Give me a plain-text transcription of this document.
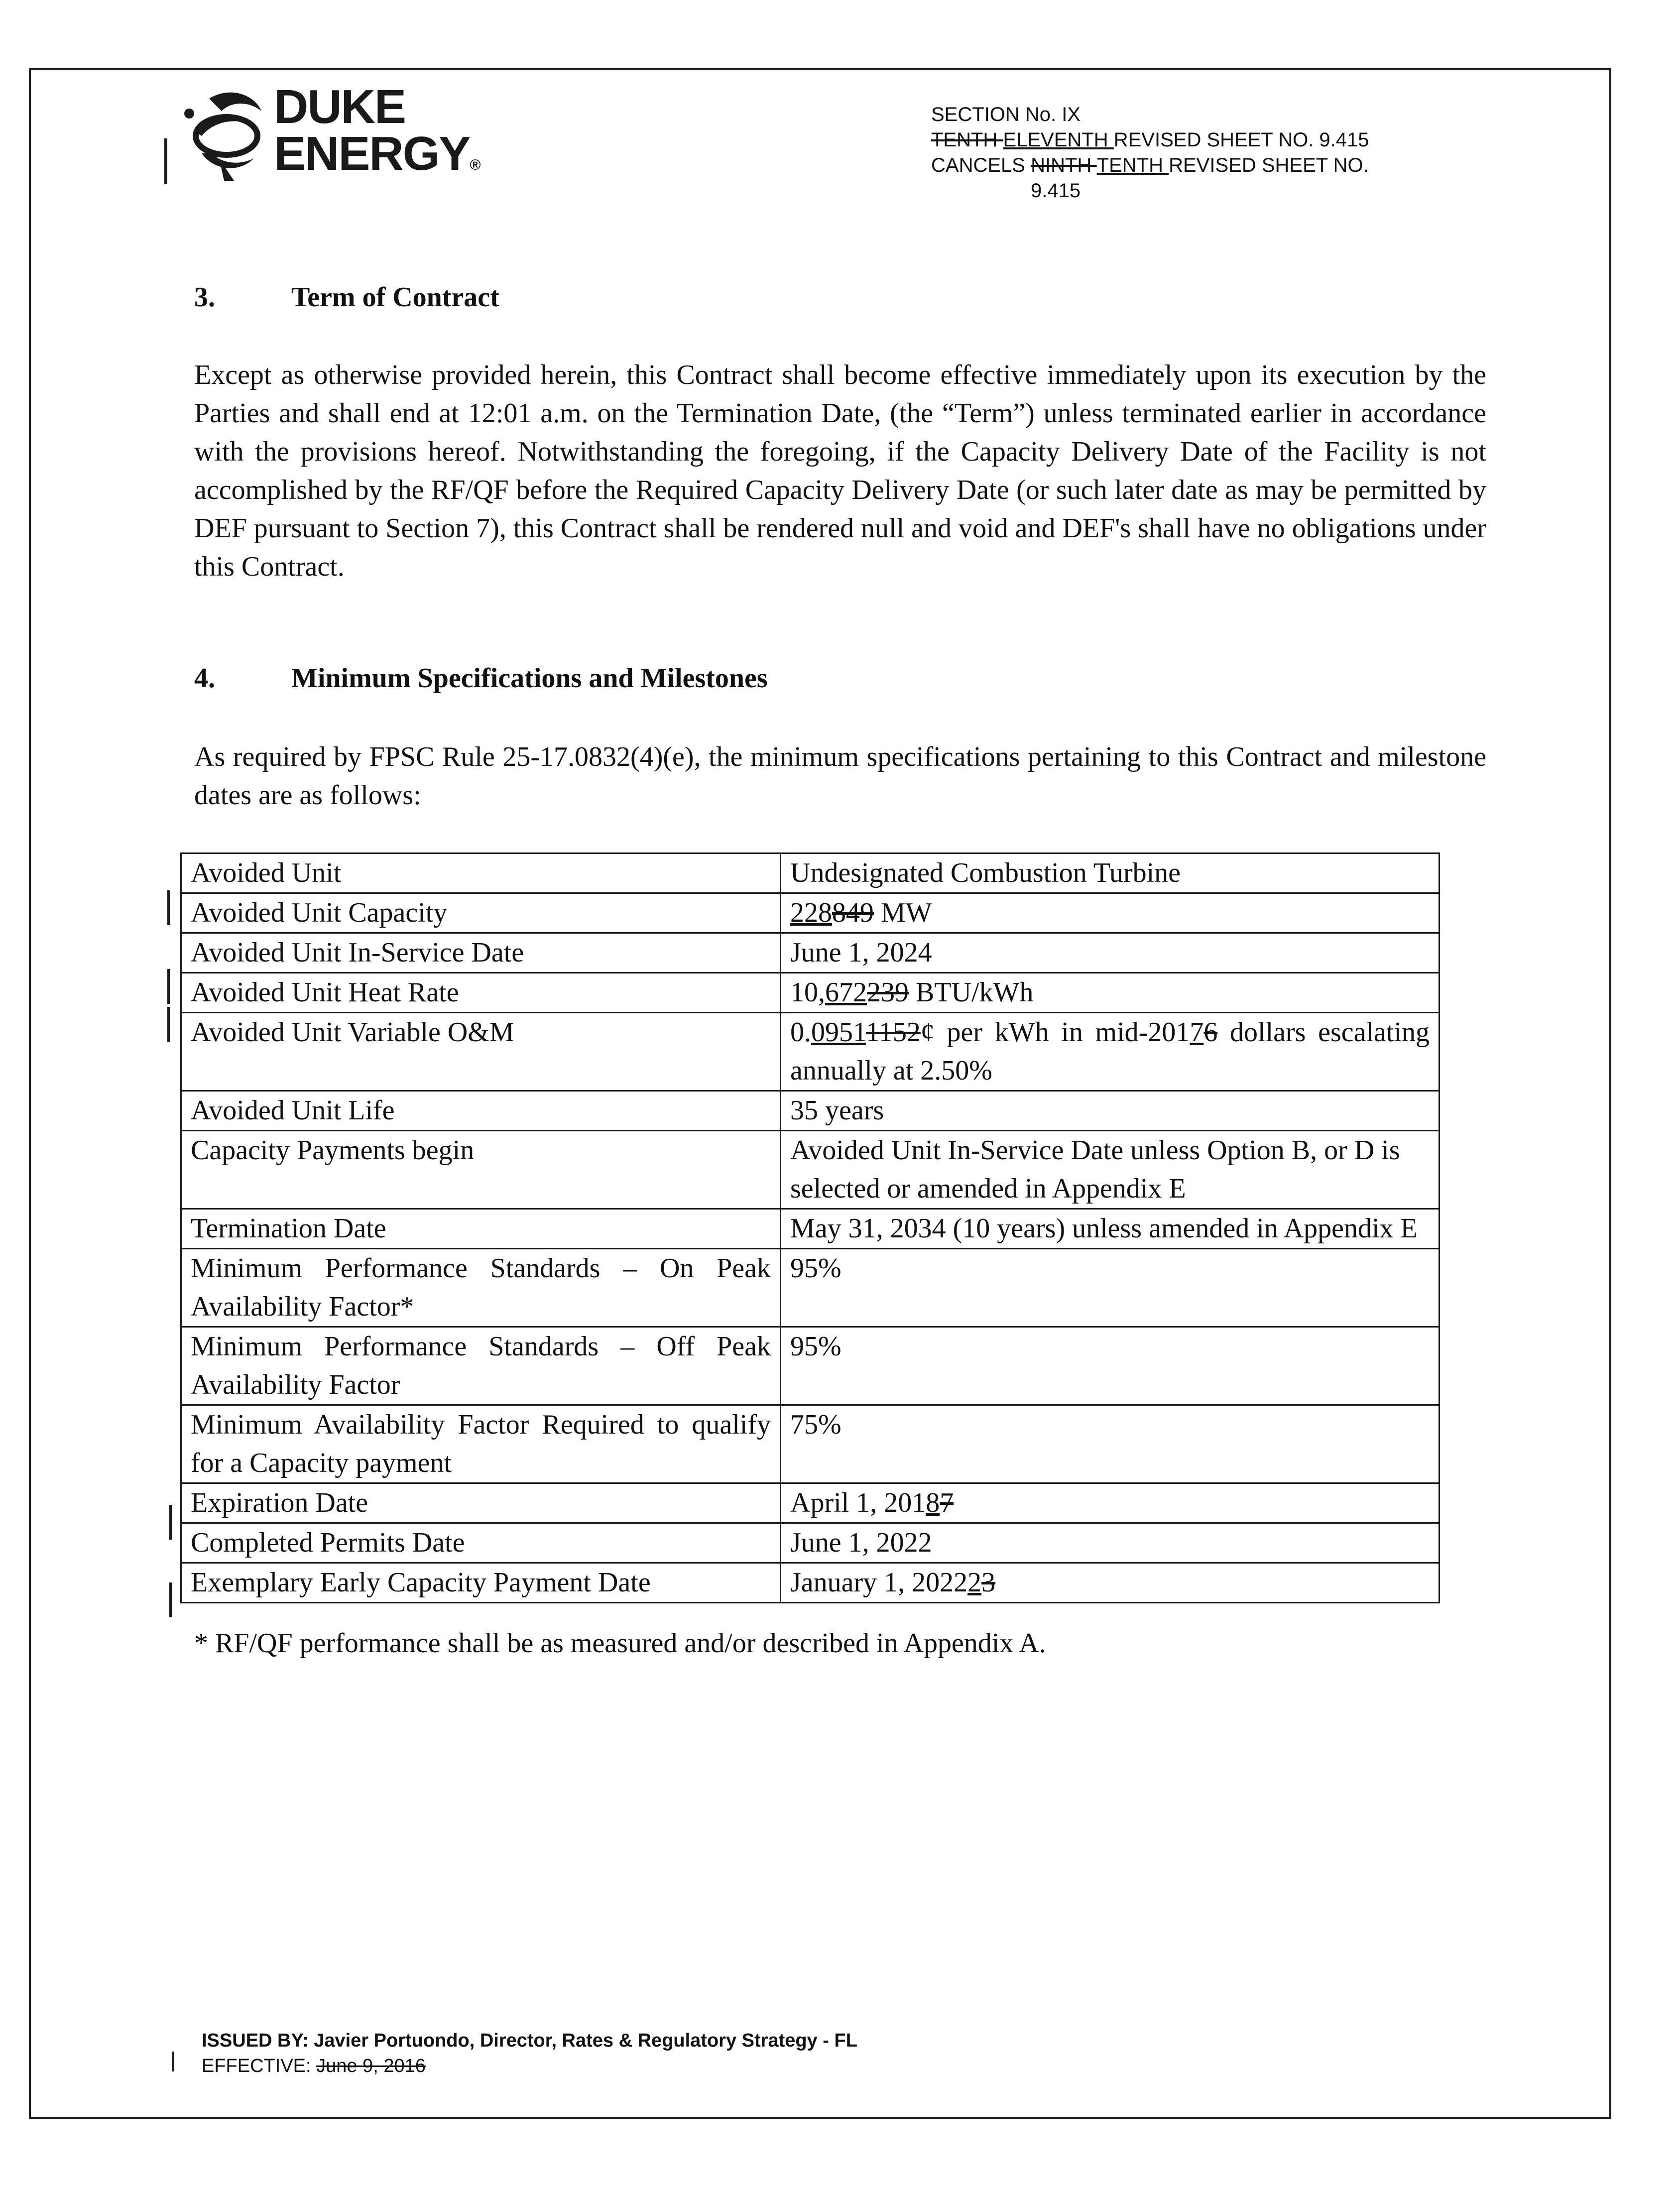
DUKE
ENERGY®
SECTION No. IX
TENTH ELEVENTH REVISED SHEET NO. 9.415
CANCELS NINTH TENTH REVISED SHEET NO.
9.415
3.	Term of Contract
Except as otherwise provided herein, this Contract shall become effective immediately upon its execution by the Parties and shall end at 12:01 a.m. on the Termination Date, (the “Term”) unless terminated earlier in accordance with the provisions hereof. Notwithstanding the foregoing, if the Capacity Delivery Date of the Facility is not accomplished by the RF/QF before the Required Capacity Delivery Date (or such later date as may be permitted by DEF pursuant to Section 7), this Contract shall be rendered null and void and DEF's shall have no obligations under this Contract.
4.	Minimum Specifications and Milestones
As required by FPSC Rule 25-17.0832(4)(e), the minimum specifications pertaining to this Contract and milestone dates are as follows:
Avoided Unit	Undesignated Combustion Turbine
Avoided Unit Capacity	228849 MW
Avoided Unit In-Service Date	June 1, 2024
Avoided Unit Heat Rate	10,672239 BTU/kWh
Avoided Unit Variable O&M	0.09511152¢ per kWh in mid-20176 dollars escalating annually at 2.50%
Avoided Unit Life	35 years
Capacity Payments begin	Avoided Unit In-Service Date unless Option B, or D is selected or amended in Appendix E
Termination Date	May 31, 2034 (10 years) unless amended in Appendix E
Minimum Performance Standards – On Peak Availability Factor*	95%
Minimum Performance Standards – Off Peak Availability Factor	95%
Minimum Availability Factor Required to qualify for a Capacity payment	75%
Expiration Date	April 1, 20187
Completed Permits Date	June 1, 2022
Exemplary Early Capacity Payment Date	January 1, 202223
* RF/QF performance shall be as measured and/or described in Appendix A.
ISSUED BY: Javier Portuondo, Director, Rates & Regulatory Strategy - FL
EFFECTIVE: June 9, 2016
